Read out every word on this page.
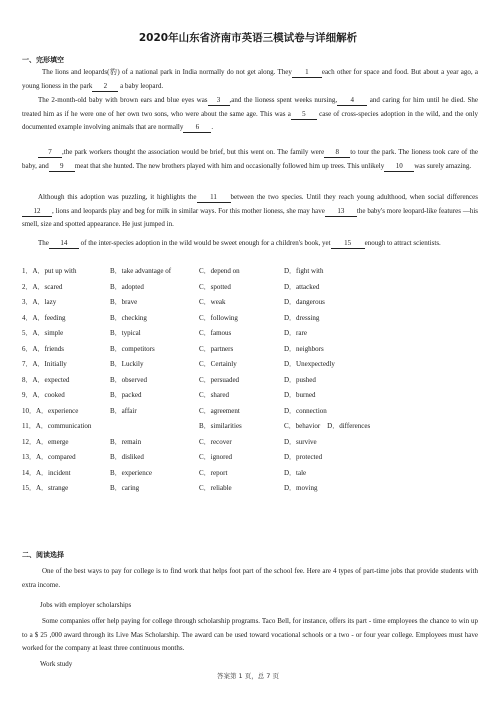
2020年山东省济南市英语三模试卷与详细解析
一、完形填空
The lions and leopards(豹) of a national park in India normally do not get along. They 1 each other for space and food. But about a year ago, a young lioness in the park 2 a baby leopard.
The 2-month-old baby with brown ears and blue eyes was 3 ,and the lioness spent weeks nursing, 4 and caring for him until he died. She treated him as if he were one of her own two sons, who were about the same age. This was a 5 case of cross-species adoption in the wild, and the only documented example involving animals that are normally 6 .
7 ,the park workers thought the association would be brief, but this went on. The family were 8 to tour the park. The lioness took care of the baby, and 9 meat that she hunted. The new brothers played with him and occasionally followed him up trees. This unlikely 10 was surely amazing.
Although this adoption was puzzling, it highlights the 11 between the two species. Until they reach young adulthood, when social differences12 , lions and leopards play and beg for milk in similar ways. For this mother lioness, she may have 13 the baby's more leopard-like features —his smell, size and spotted appearance. He just jumped in.
The 14 of the inter-species adoption in the wild would be sweet enough for a children's book, yet 15 enough to attract scientists.
1．A．put up with	B．take advantage of	C．depend on	D．fight with
2．A．scared	B．adopted	C．spotted	D．attacked
3．A．lazy	B．brave	C．weak	D．dangerous
4．A．feeding	B．checking	C．following	D．dressing
5．A．simple	B．typical	C．famous	D．rare
6．A．friends	B．competitors	C．partners	D．neighbors
7．A．Initially	B．Luckily	C．Certainly	D．Unexpectedly
8．A．expected	B．observed	C．persuaded	D．pushed
9．A．cooked	B．packed	C．shared	D．burned
10．A．experience	B．affair	C．agreement	D．connection
11．A．communication	B．similarities	C．behavior　D．differences
12．A．emerge	B．remain	C．recover	D．survive
13．A．compared	B．disliked	C．ignored	D．protected
14．A．incident	B．experience	C．report	D．tale
15．A．strange	B．caring	C．reliable	D．moving
二、阅读选择
One of the best ways to pay for college is to find work that helps foot part of the school fee. Here are 4 types of part-time jobs that provide students with extra income.
Jobs with employer scholarships
Some companies offer help paying for college through scholarship programs. Taco Bell, for instance, offers its part - time employees the chance to win up to a $ 25 ,000 award through its Live Mas Scholarship. The award can be used toward vocational schools or a two - or four year college. Employees must have worked for the company at least three continuous months.
Work study
答案第 1 页，总 7 页
